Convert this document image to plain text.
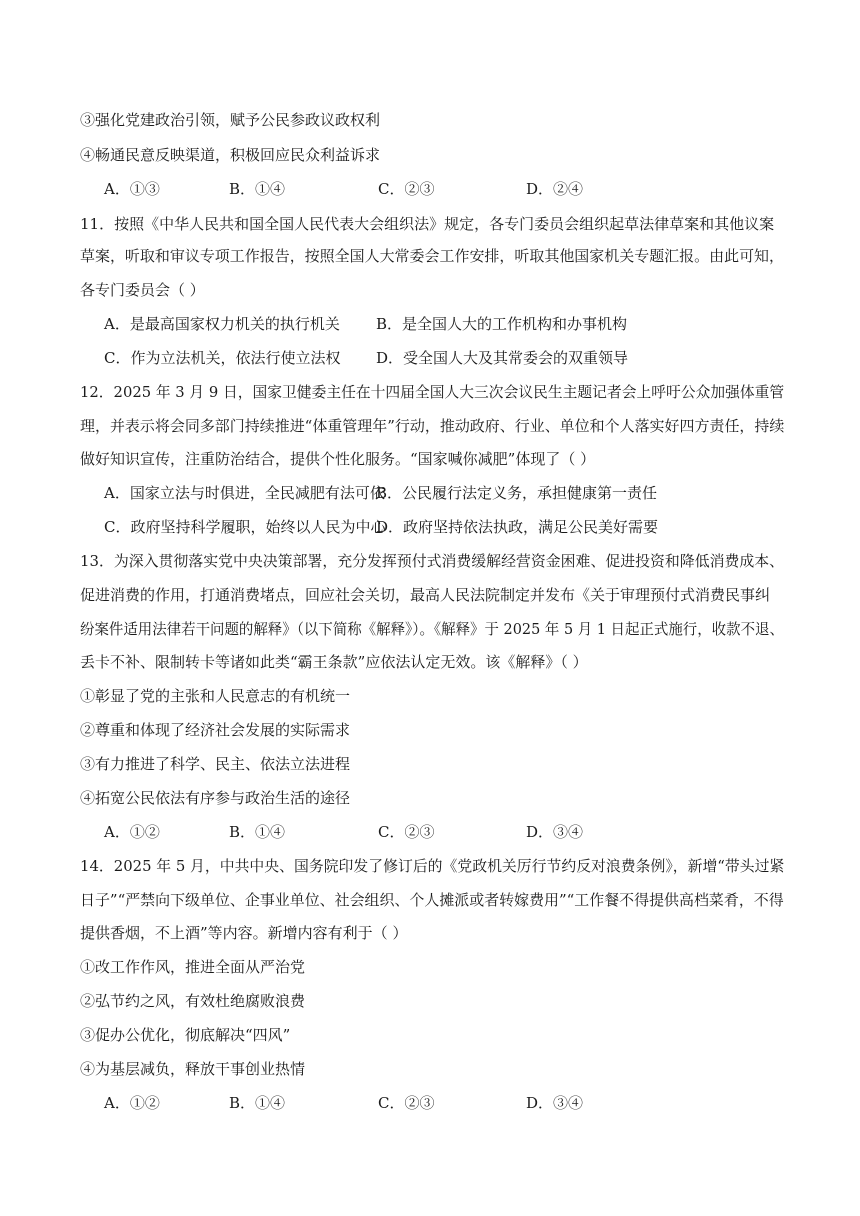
③强化党建政治引领，赋予公民参政议政权利
④畅通民意反映渠道，积极回应民众利益诉求
A．①③	B．①④	C．②③	D．②④
11．按照《中华人民共和国全国人民代表大会组织法》规定，各专门委员会组织起草法律草案和其他议案
草案，听取和审议专项工作报告，按照全国人大常委会工作安排，听取其他国家机关专题汇报。由此可知，
各专门委员会（ ）
A．是最高国家权力机关的执行机关 B．是全国人大的工作机构和办事机构
C．作为立法机关，依法行使立法权 D．受全国人大及其常委会的双重领导
12．2025 年 3 月 9 日，国家卫健委主任在十四届全国人大三次会议民生主题记者会上呼吁公众加强体重管
理，并表示将会同多部门持续推进“体重管理年”行动，推动政府、行业、单位和个人落实好四方责任，持续
做好知识宣传，注重防治结合，提供个性化服务。“国家喊你减肥”体现了（ ）
A．国家立法与时俱进，全民减肥有法可依
B．公民履行法定义务，承担健康第一责任
C．政府坚持科学履职，始终以人民为中心
D．政府坚持依法执政，满足公民美好需要
13．为深入贯彻落实党中央决策部署，充分发挥预付式消费缓解经营资金困难、促进投资和降低消费成本、
促进消费的作用，打通消费堵点，回应社会关切，最高人民法院制定并发布《关于审理预付式消费民事纠
纷案件适用法律若干问题的解释》（以下简称《解释》）。《解释》于 2025 年 5 月 1 日起正式施行，收款不退、
丢卡不补、限制转卡等诸如此类“霸王条款”应依法认定无效。该《解释》（ ）
①彰显了党的主张和人民意志的有机统一
②尊重和体现了经济社会发展的实际需求
③有力推进了科学、民主、依法立法进程
④拓宽公民依法有序参与政治生活的途径
A．①②	B．①④	C．②③	D．③④
14．2025 年 5 月，中共中央、国务院印发了修订后的《党政机关厉行节约反对浪费条例》，新增“带头过紧
日子”“严禁向下级单位、企事业单位、社会组织、个人摊派或者转嫁费用”“工作餐不得提供高档菜肴，不得
提供香烟，不上酒”等内容。新增内容有利于（ ）
①改工作作风，推进全面从严治党
②弘节约之风，有效杜绝腐败浪费
③促办公优化，彻底解决“四风”
④为基层减负，释放干事创业热情
A．①②	B．①④	C．②③	D．③④
